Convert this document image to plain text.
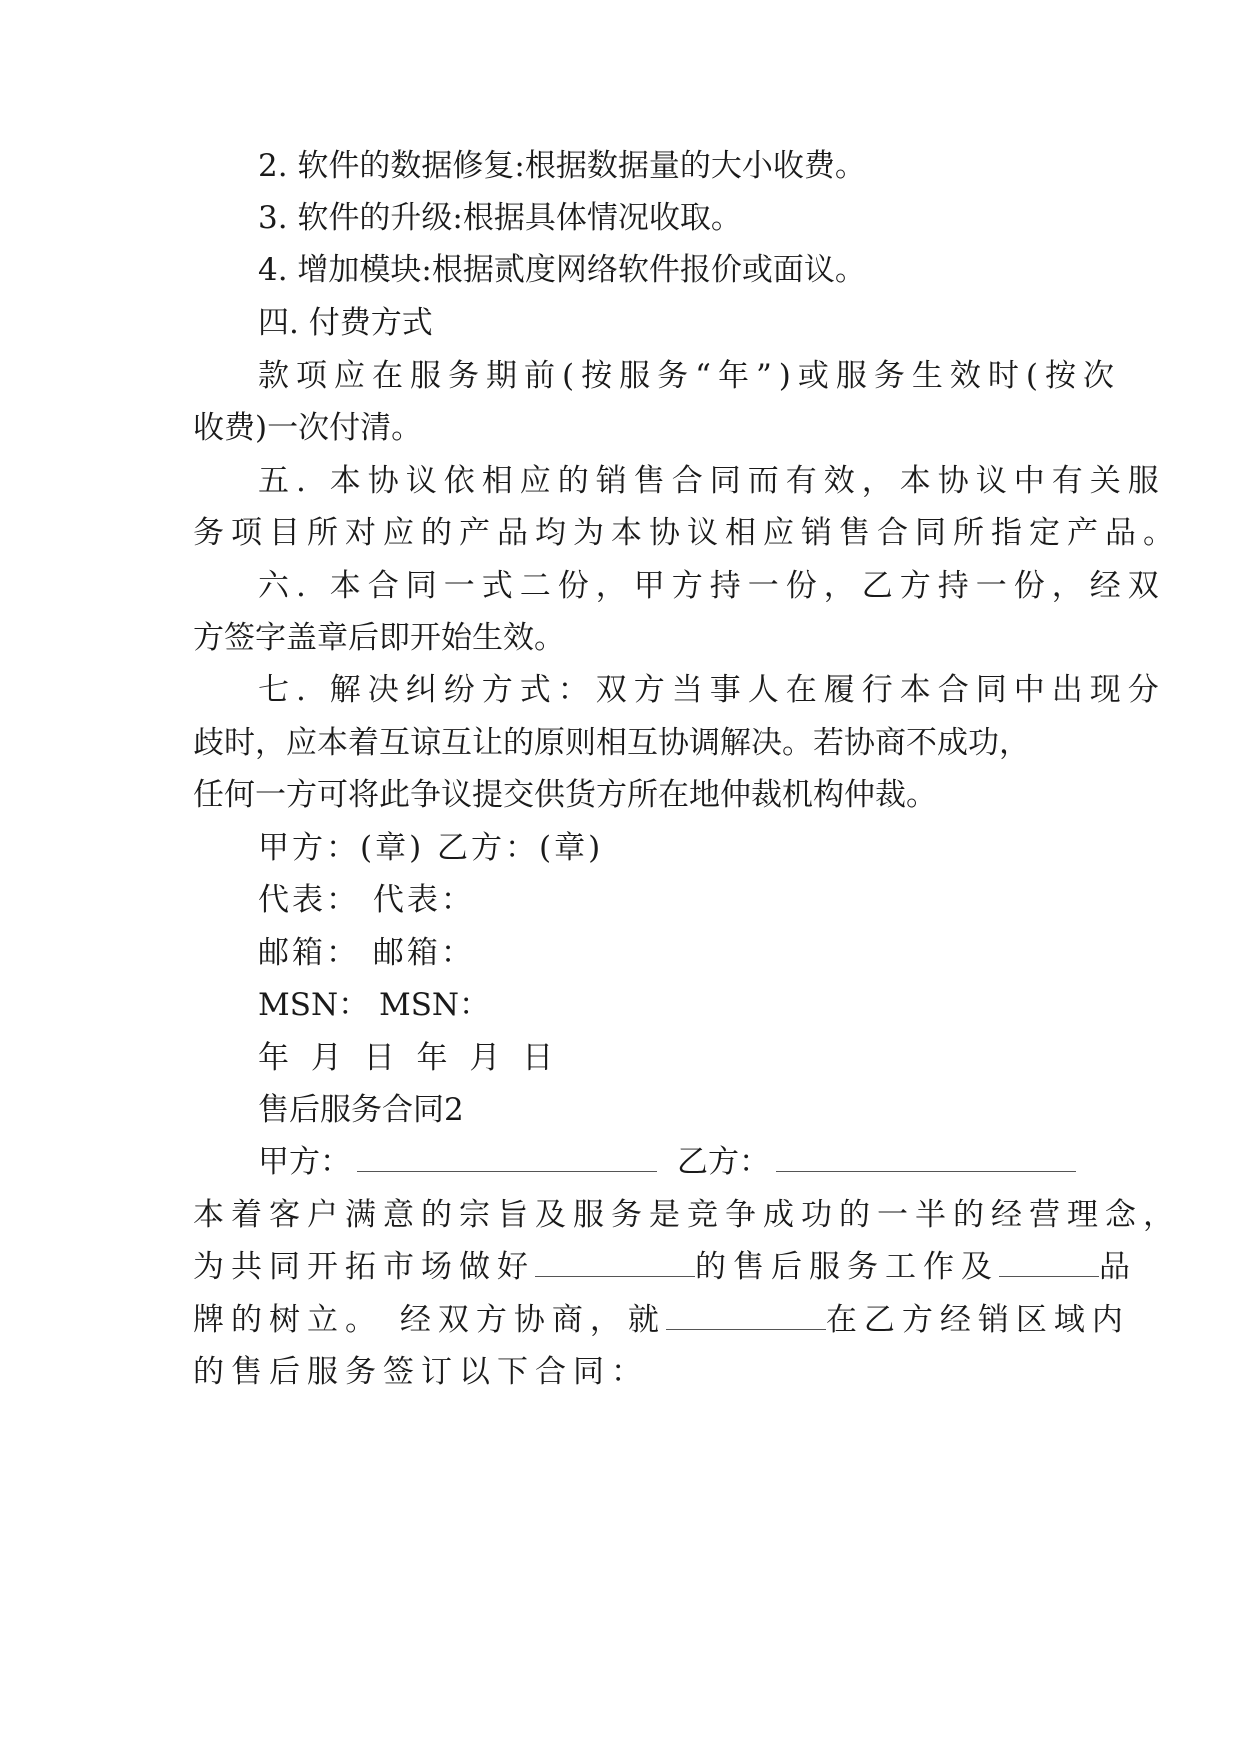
2. 软件的数据修复:根据数据量的大小收费。
3. 软件的升级:根据具体情况收取。
4. 增加模块:根据贰度网络软件报价或面议。
四. 付费方式
款项应在服务期前(按服务“年”)或服务生效时(按次
收费)一次付清。
五. 本协议依相应的销售合同而有效，本协议中有关服
务项目所对应的产品均为本协议相应销售合同所指定产品。
六. 本合同一式二份，甲方持一份，乙方持一份，经双
方签字盖章后即开始生效。
七. 解决纠纷方式：双方当事人在履行本合同中出现分
歧时，应本着互谅互让的原则相互协调解决。若协商不成功，
任何一方可将此争议提交供货方所在地仲裁机构仲裁。
甲方：(章) 乙方：(章)
代表： 代表：
邮箱： 邮箱：
MSN： MSN：
年 月 日 年 月 日
售后服务合同2
甲方：	乙方：
本着客户满意的宗旨及服务是竞争成功的一半的经营理念，
为共同开拓市场做好	的售后服务工作及	品
牌的树立。 经双方协商，就	在乙方经销区域内
的售后服务签订以下合同：
